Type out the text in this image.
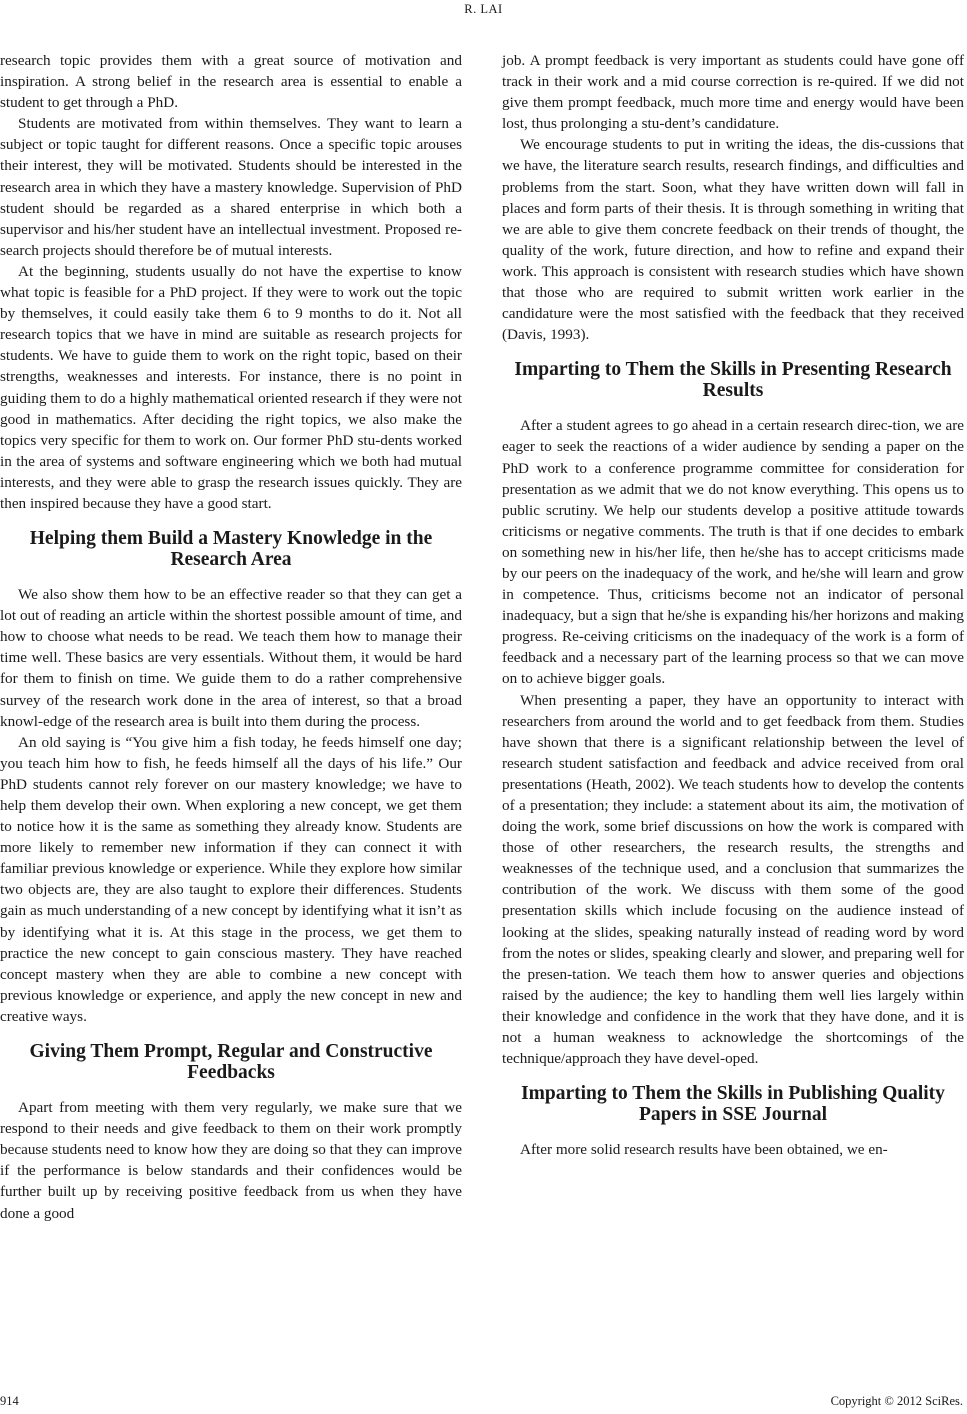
R. LAI

research topic provides them with a great source of motivation and inspiration. A strong belief in the research area is essential to enable a student to get through a PhD.

Students are motivated from within themselves. They want to learn a subject or topic taught for different reasons. Once a specific topic arouses their interest, they will be motivated. Students should be interested in the research area in which they have a mastery knowledge. Supervision of PhD student should be regarded as a shared enterprise in which both a supervisor and his/her student have an intellectual investment. Proposed re-search projects should therefore be of mutual interests.

At the beginning, students usually do not have the expertise to know what topic is feasible for a PhD project. If they were to work out the topic by themselves, it could easily take them 6 to 9 months to do it. Not all research topics that we have in mind are suitable as research projects for students. We have to guide them to work on the right topic, based on their strengths, weaknesses and interests. For instance, there is no point in guiding them to do a highly mathematical oriented research if they were not good in mathematics. After deciding the right topics, we also make the topics very specific for them to work on. Our former PhD stu-dents worked in the area of systems and software engineering which we both had mutual interests, and they were able to grasp the research issues quickly. They are then inspired because they have a good start.

Helping them Build a Mastery Knowledge in the Research Area

We also show them how to be an effective reader so that they can get a lot out of reading an article within the shortest possible amount of time, and how to choose what needs to be read. We teach them how to manage their time well. These basics are very essentials. Without them, it would be hard for them to finish on time. We guide them to do a rather comprehensive survey of the research work done in the area of interest, so that a broad knowl-edge of the research area is built into them during the process.

An old saying is “You give him a fish today, he feeds himself one day; you teach him how to fish, he feeds himself all the days of his life.” Our PhD students cannot rely forever on our mastery knowledge; we have to help them develop their own. When exploring a new concept, we get them to notice how it is the same as something they already know. Students are more likely to remember new information if they can connect it with familiar previous knowledge or experience. While they explore how similar two objects are, they are also taught to explore their differences. Students gain as much understanding of a new concept by identifying what it isn’t as by identifying what it is. At this stage in the process, we get them to practice the new concept to gain conscious mastery. They have reached concept mastery when they are able to combine a new concept with previous knowledge or experience, and apply the new concept in new and creative ways.

Giving Them Prompt, Regular and Constructive Feedbacks

Apart from meeting with them very regularly, we make sure that we respond to their needs and give feedback to them on their work promptly because students need to know how they are doing so that they can improve if the performance is below standards and their confidences would be further built up by receiving positive feedback from us when they have done a good

job. A prompt feedback is very important as students could have gone off track in their work and a mid course correction is re-quired. If we did not give them prompt feedback, much more time and energy would have been lost, thus prolonging a stu-dent’s candidature.

We encourage students to put in writing the ideas, the dis-cussions that we have, the literature search results, research findings, and difficulties and problems from the start. Soon, what they have written down will fall in places and form parts of their thesis. It is through something in writing that we are able to give them concrete feedback on their trends of thought, the quality of the work, future direction, and how to refine and expand their work. This approach is consistent with research studies which have shown that those who are required to submit written work earlier in the candidature were the most satisfied with the feedback that they received (Davis, 1993).

Imparting to Them the Skills in Presenting Research Results

After a student agrees to go ahead in a certain research direc-tion, we are eager to seek the reactions of a wider audience by sending a paper on the PhD work to a conference programme committee for consideration for presentation as we admit that we do not know everything. This opens us to public scrutiny. We help our students develop a positive attitude towards criticisms or negative comments. The truth is that if one decides to embark on something new in his/her life, then he/she has to accept criticisms made by our peers on the inadequacy of the work, and he/she will learn and grow in competence. Thus, criticisms become not an indicator of personal inadequacy, but a sign that he/she is expanding his/her horizons and making progress. Re-ceiving criticisms on the inadequacy of the work is a form of feedback and a necessary part of the learning process so that we can move on to achieve bigger goals.

When presenting a paper, they have an opportunity to interact with researchers from around the world and to get feedback from them. Studies have shown that there is a significant relationship between the level of research student satisfaction and feedback and advice received from oral presentations (Heath, 2002). We teach students how to develop the contents of a presentation; they include: a statement about its aim, the motivation of doing the work, some brief discussions on how the work is compared with those of other researchers, the research results, the strengths and weaknesses of the technique used, and a conclusion that summarizes the contribution of the work. We discuss with them some of the good presentation skills which include focusing on the audience instead of looking at the slides, speaking naturally instead of reading word by word from the notes or slides, speaking clearly and slower, and preparing well for the presen-tation. We teach them how to answer queries and objections raised by the audience; the key to handling them well lies largely within their knowledge and confidence in the work that they have done, and it is not a human weakness to acknowledge the shortcomings of the technique/approach they have devel-oped.

Imparting to Them the Skills in Publishing Quality Papers in SSE Journal

After more solid research results have been obtained, we en-

914	Copyright © 2012 SciRes.
